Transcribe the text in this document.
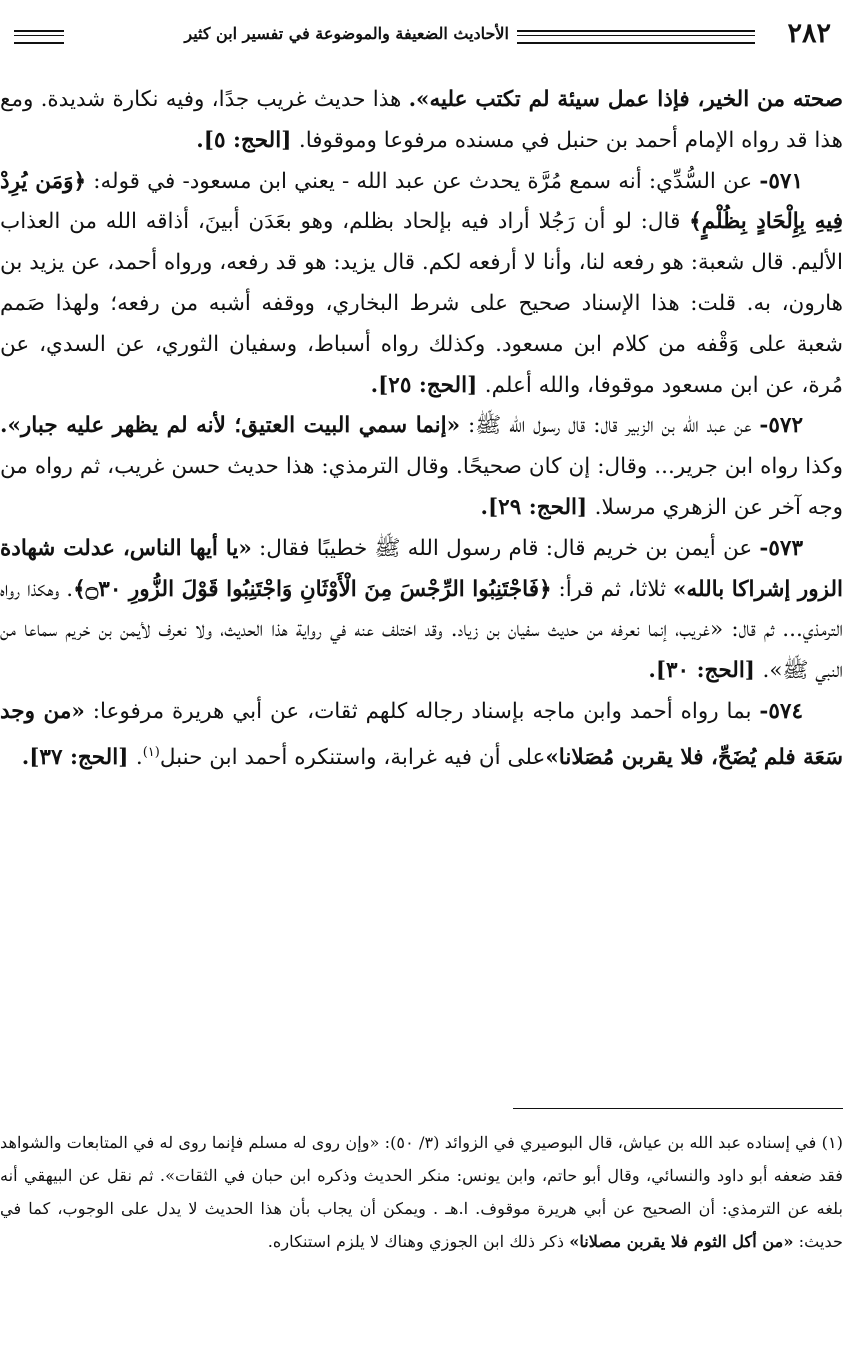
٢٨٢
الأحاديث الضعيفة والموضوعة في تفسير ابن كثير

صحته من الخير، فإذا عمل سيئة لم تكتب عليه». هذا حديث غريب جدًا، وفيه نكارة شديدة. ومع هذا قد رواه الإمام أحمد بن حنبل في مسنده مرفوعا وموقوفا. [الحج: ٥].

٥٧١- عن السُّدِّي: أنه سمع مُرَّة يحدث عن عبد الله - يعني ابن مسعود- في قوله: ﴿وَمَن يُرِدْ فِيهِ بِإِلْحَادٍ بِظُلْمٍ﴾ قال: لو أن رَجُلا أراد فيه بإلحاد بظلم، وهو بعَدَن أبينَ، أذاقه الله من العذاب الأليم. قال شعبة: هو رفعه لنا، وأنا لا أرفعه لكم. قال يزيد: هو قد رفعه، ورواه أحمد، عن يزيد بن هارون، به. قلت: هذا الإسناد صحيح على شرط البخاري، ووقفه أشبه من رفعه؛ ولهذا صَمم شعبة على وَقْفه من كلام ابن مسعود. وكذلك رواه أسباط، وسفيان الثوري، عن السدي، عن مُرة، عن ابن مسعود موقوفا، والله أعلم. [الحج: ٢٥].

٥٧٢- عن عبد الله بن الزبير قال: قال رسول الله ﷺ: «إنما سمي البيت العتيق؛ لأنه لم يظهر عليه جبار». وكذا رواه ابن جرير... وقال: إن كان صحيحًا. وقال الترمذي: هذا حديث حسن غريب، ثم رواه من وجه آخر عن الزهري مرسلا. [الحج: ٢٩].

٥٧٣- عن أيمن بن خريم قال: قام رسول الله ﷺ خطيبًا فقال: «يا أيها الناس، عدلت شهادة الزور إشراكا بالله» ثلاثا، ثم قرأ: ﴿فَاجْتَنِبُوا الرِّجْسَ مِنَ الْأَوْثَانِ وَاجْتَنِبُوا قَوْلَ الزُّورِ ۝٣٠﴾. وهكذا رواه الترمذي... ثم قال: «غريب، إنما نعرفه من حديث سفيان بن زياد. وقد اختلف عنه في رواية هذا الحديث، ولا نعرف لأيمن بن خريم سماعا من النبي ﷺ». [الحج: ٣٠].

٥٧٤- بما رواه أحمد وابن ماجه بإسناد رجاله كلهم ثقات، عن أبي هريرة مرفوعا: «من وجد سَعَة فلم يُضَحِّ، فلا يقربن مُصَلانا»على أن فيه غرابة، واستنكره أحمد ابن حنبل$^{(١)}$. [الحج: ٣٧].

(١) في إسناده عبد الله بن عياش، قال البوصيري في الزوائد (٣/ ٥٠): «وإن روى له مسلم فإنما روى له في المتابعات والشواهد فقد ضعفه أبو داود والنسائي، وقال أبو حاتم، وابن يونس: منكر الحديث وذكره ابن حبان في الثقات». ثم نقل عن البيهقي أنه بلغه عن الترمذي: أن الصحيح عن أبي هريرة موقوف. ا.هـ . ويمكن أن يجاب بأن هذا الحديث لا يدل على الوجوب، كما في حديث: «من أكل الثوم فلا يقربن مصلانا» ذكر ذلك ابن الجوزي وهناك لا يلزم استنكاره.
